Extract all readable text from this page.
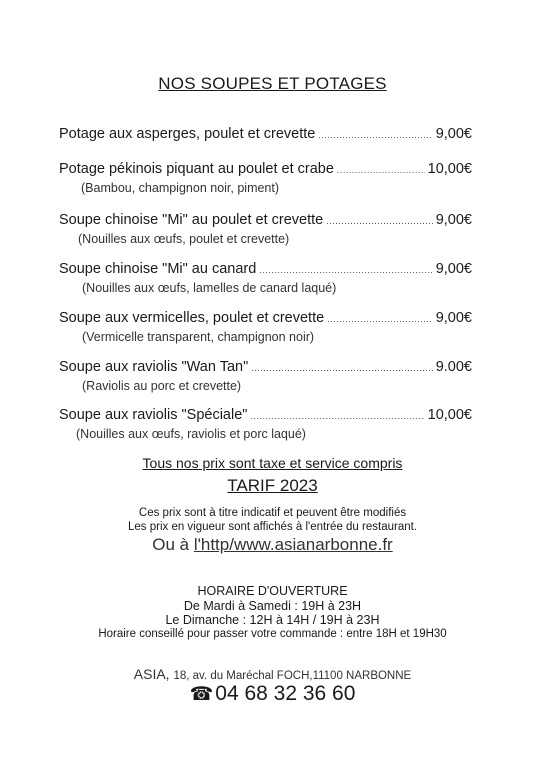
NOS SOUPES ET POTAGES
Potage aux asperges, poulet et crevette .....	9,00€
Potage pékinois piquant au poulet et crabe .....	10,00€
(Bambou, champignon noir, piment)
Soupe chinoise "Mi" au poulet et crevette .....	9,00€
(Nouilles aux œufs, poulet et crevette)
Soupe chinoise "Mi" au canard .....	9,00€
(Nouilles aux œufs, lamelles de canard laqué)
Soupe aux vermicelles, poulet et crevette .....	9,00€
(Vermicelle transparent, champignon noir)
Soupe aux raviolis "Wan Tan" .....	9.00€
(Raviolis au porc et crevette)
Soupe aux raviolis "Spéciale" .....	10,00€
(Nouilles aux œufs, raviolis et porc laqué)
Tous nos prix sont taxe et service compris
TARIF 2023
Ces prix sont à titre indicatif et peuvent être modifiés
Les prix en vigueur sont affichés à l'entrée du restaurant.
Ou à l'http/www.asianarbonne.fr
HORAIRE D'OUVERTURE
De Mardi à Samedi : 19H à 23H
Le Dimanche : 12H à 14H / 19H à 23H
Horaire conseillé pour passer votre commande : entre 18H et 19H30
ASIA, 18, av. du Maréchal FOCH,11100 NARBONNE
☎04 68 32 36 60
